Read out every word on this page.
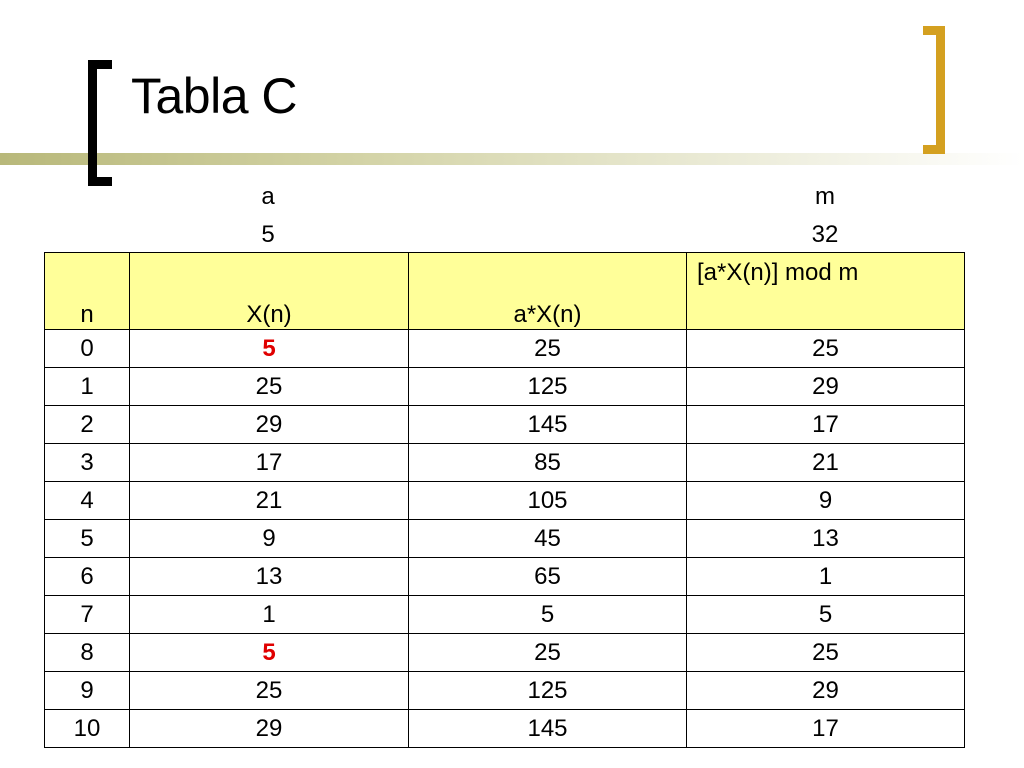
Tabla C
a
5
m
32
n	X(n)	a*X(n)	[a*X(n)] mod m
0	5	25	25
1	25	125	29
2	29	145	17
3	17	85	21
4	21	105	9
5	9	45	13
6	13	65	1
7	1	5	5
8	5	25	25
9	25	125	29
10	29	145	17
